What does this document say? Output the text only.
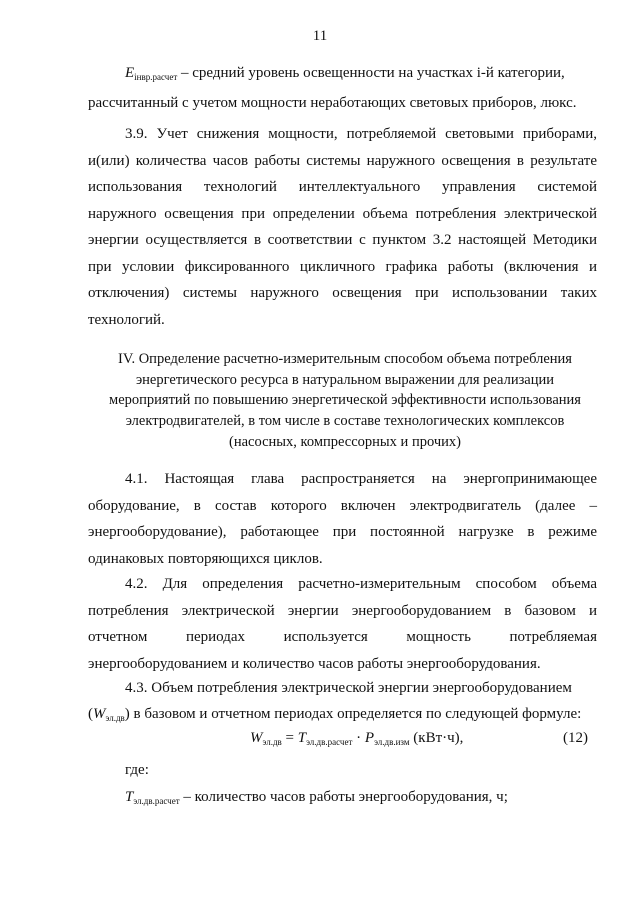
11
$E_{iнвр.расчет}$ – средний уровень освещенности на участках i-й категории,
рассчитанный с учетом мощности неработающих световых приборов, люкс.
3.9. Учет снижения мощности, потребляемой световыми приборами,
и(или) количества часов работы системы наружного освещения в результате
использования технологий интеллектуального управления системой
наружного освещения при определении объема потребления электрической
энергии осуществляется в соответствии с пунктом 3.2 настоящей Методики
при условии фиксированного цикличного графика работы (включения и
отключения) системы наружного освещения при использовании таких
технологий.
IV. Определение расчетно-измерительным способом объема потребления
энергетического ресурса в натуральном выражении для реализации
мероприятий по повышению энергетической эффективности использования
электродвигателей, в том числе в составе технологических комплексов
(насосных, компрессорных и прочих)
4.1. Настоящая глава распространяется на энергопринимающее
оборудование, в состав которого включен электродвигатель (далее –
энергооборудование), работающее при постоянной нагрузке в режиме
одинаковых повторяющихся циклов.
4.2. Для определения расчетно-измерительным способом объема
потребления электрической энергии энергооборудованием в базовом и
отчетном периодах используется мощность потребляемая
энергооборудованием и количество часов работы энергооборудования.
4.3. Объем потребления электрической энергии энергооборудованием
$(W_{эл.дв})$ в базовом и отчетном периодах определяется по следующей формуле:
$W_{эл.дв} = T_{эл.дв.расчет} \cdot P_{эл.дв.изм}$ (кВт·ч),	(12)
где:
$T_{эл.дв.расчет}$ – количество часов работы энергооборудования, ч;
